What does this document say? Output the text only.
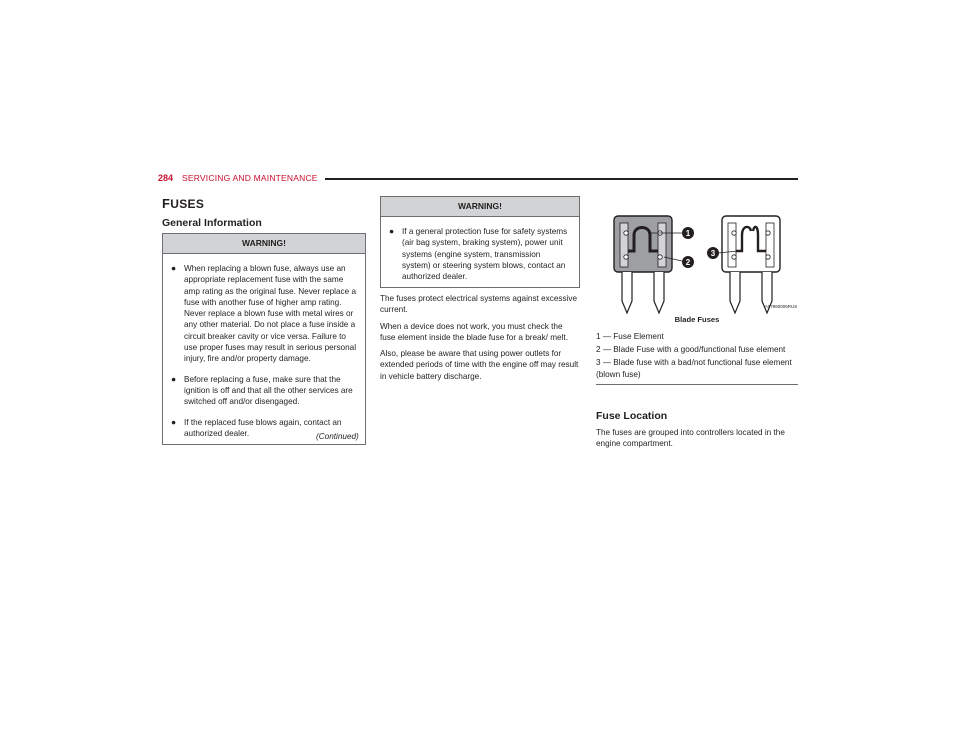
284 SERVICING AND MAINTENANCE
FUSES
General Information
WARNING!
● When replacing a blown fuse, always use an appropriate replacement fuse with the same amp rating as the original fuse. Never replace a fuse with another fuse of higher amp rating. Never replace a blown fuse with metal wires or any other material. Do not place a fuse inside a circuit breaker cavity or vice versa. Failure to use proper fuses may result in serious personal injury, fire and/or property damage.
● Before replacing a fuse, make sure that the ignition is off and that all the other services are switched off and/or disengaged.
● If the replaced fuse blows again, contact an authorized dealer.	(Continued)
WARNING!
● If a general protection fuse for safety systems (air bag system, braking system), power unit systems (engine system, transmission system) or steering system blows, contact an authorized dealer.

The fuses protect electrical systems against excessive current.

When a device does not work, you must check the fuse element inside the blade fuse for a break/ melt.

Also, please be aware that using power outlets for extended periods of time with the engine off may result in vehicle battery discharge.

1
2
3
A07960006RUS
Blade Fuses
1 — Fuse Element
2 — Blade Fuse with a good/functional fuse element
3 — Blade fuse with a bad/not functional fuse element (blown fuse)
Fuse Location
The fuses are grouped into controllers located in the engine compartment.
